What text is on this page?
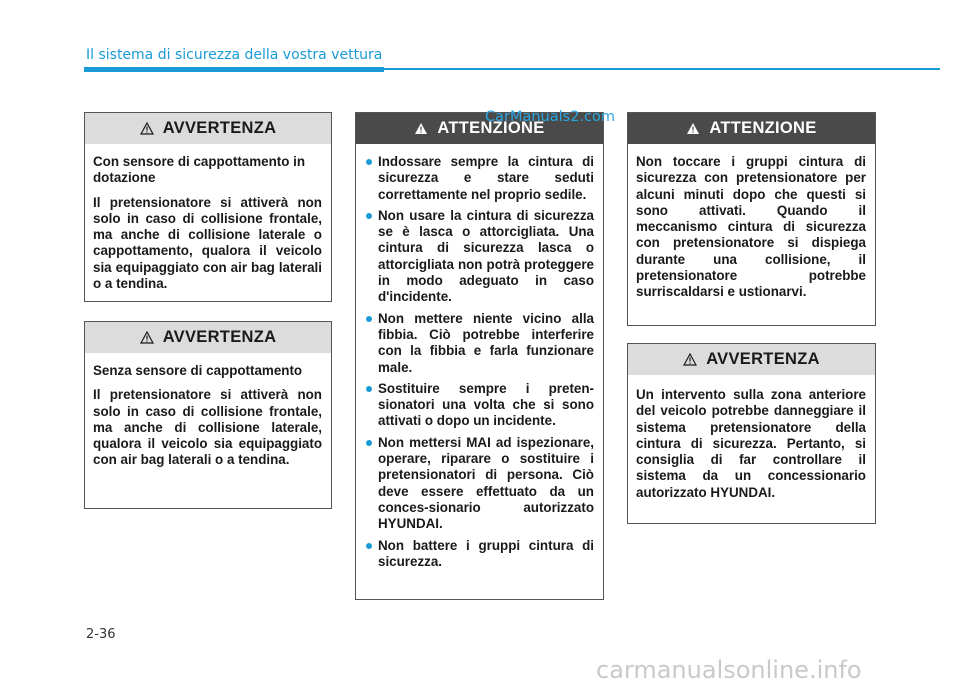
Il sistema di sicurezza della vostra vettura
AVVERTENZA

Con sensore di cappottamento in dotazione

Il pretensionatore si attiverà non solo in caso di collisione frontale, ma anche di collisione laterale o cappottamento, qualora il veicolo sia equipaggiato con air bag laterali o a tendina.

AVVERTENZA

Senza sensore di cappottamento

Il pretensionatore si attiverà non solo in caso di collisione frontale, ma anche di collisione laterale, qualora il veicolo sia equipaggiato con air bag laterali o a tendina.

ATTENZIONE
Indossare sempre la cintura di sicurezza e stare seduti correttamente nel proprio sedile.
Non usare la cintura di sicurezza se è lasca o attorcigliata. Una cintura di sicurezza lasca o attorcigliata non potrà proteggere in modo adeguato in caso d'incidente.
Non mettere niente vicino alla fibbia. Ciò potrebbe interferire con la fibbia e farla funzionare male.
Sostituire sempre i preten-sionatori una volta che si sono attivati o dopo un incidente.
Non mettersi MAI ad ispezionare, operare, riparare o sostituire i pretensionatori di persona. Ciò deve essere effettuato da un conces-sionario autorizzato HYUNDAI.
Non battere i gruppi cintura di sicurezza.
ATTENZIONE

Non toccare i gruppi cintura di sicurezza con pretensionatore per alcuni minuti dopo che questi si sono attivati. Quando il meccanismo cintura di sicurezza con pretensionatore si dispiega durante una collisione, il pretensionatore potrebbe surriscaldarsi e ustionarvi.

AVVERTENZA

Un intervento sulla zona anteriore del veicolo potrebbe danneggiare il sistema pretensionatore della cintura di sicurezza. Pertanto, si consiglia di far controllare il sistema da un concessionario autorizzato HYUNDAI.

CarManuals2.com
2-36
carmanualsonline.info
